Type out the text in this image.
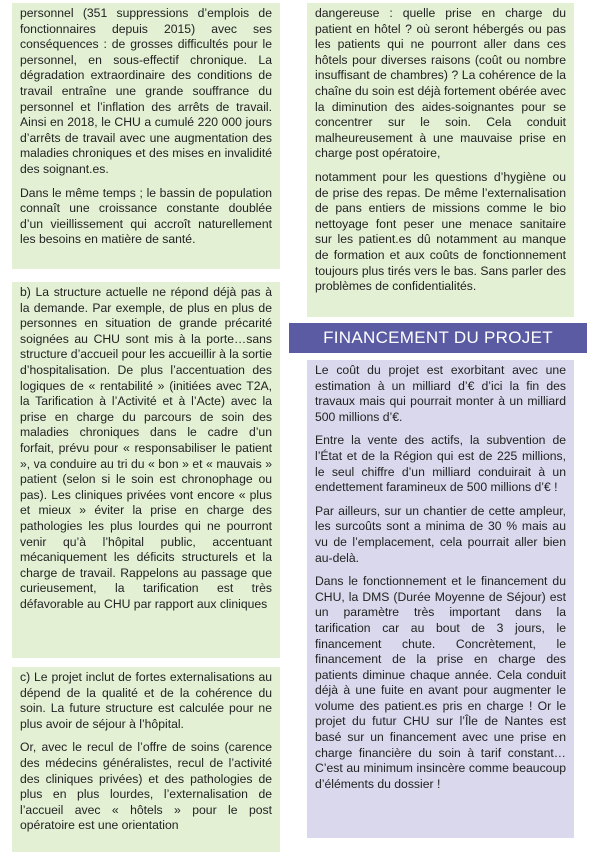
personnel (351 suppressions d’emplois de fonctionnaires depuis 2015) avec ses conséquences : de grosses difficultés pour le personnel, en sous-effectif chronique. La dégradation extraordinaire des conditions de travail entraîne une grande souffrance du personnel et l’inflation des arrêts de travail. Ainsi en 2018, le CHU a cumulé 220 000 jours d’arrêts de travail avec une augmentation des maladies chroniques et des mises en invalidité des soignant.es.

Dans le même temps ; le bassin de population connaît une croissance constante doublée d’un vieillissement qui accroît naturellement les besoins en matière de santé.

b) La structure actuelle ne répond déjà pas à la demande. Par exemple, de plus en plus de personnes en situation de grande précarité soignées au CHU sont mis à la porte…sans structure d’accueil pour les accueillir à la sortie d’hospitalisation. De plus l’accentuation des logiques de « rentabilité » (initiées avec T2A, la Tarification à l’Activité et à l’Acte) avec la prise en charge du parcours de soin des maladies chroniques dans le cadre d’un forfait, prévu pour « responsabiliser le patient », va conduire au tri du « bon » et « mauvais » patient (selon si le soin est chronophage ou pas). Les cliniques privées vont encore « plus et mieux » éviter la prise en charge des pathologies les plus lourdes qui ne pourront venir qu’à l’hôpital public, accentuant mécaniquement les déficits structurels et la charge de travail. Rappelons au passage que curieusement, la tarification est très défavorable au CHU par rapport aux cliniques

c) Le projet inclut de fortes externalisations au dépend de la qualité et de la cohérence du soin. La future structure est calculée pour ne plus avoir de séjour à l’hôpital.

Or, avec le recul de l’offre de soins (carence des médecins généralistes, recul de l’activité des cliniques privées) et des pathologies de plus en plus lourdes, l’externalisation de l’accueil avec « hôtels » pour le post opératoire est une orientation

dangereuse : quelle prise en charge du patient en hôtel ? où seront hébergés ou pas les patients qui ne pourront aller dans ces hôtels pour diverses raisons (coût ou nombre insuffisant de chambres) ? La cohérence de la chaîne du soin est déjà fortement obérée avec la diminution des aides-soignantes pour se concentrer sur le soin. Cela conduit malheureusement à une mauvaise prise en charge post opératoire,

notamment pour les questions d’hygiène ou de prise des repas. De même l’externalisation de pans entiers de missions comme le bio nettoyage font peser une menace sanitaire sur les patient.es dû notamment au manque de formation et aux coûts de fonctionnement toujours plus tirés vers le bas. Sans parler des problèmes de confidentialités.

FINANCEMENT DU PROJET

Le coût du projet est exorbitant avec une estimation à un milliard d’€ d’ici la fin des travaux mais qui pourrait monter à un milliard 500 millions d’€.

Entre la vente des actifs, la subvention de l’État et de la Région qui est de 225 millions, le seul chiffre d’un milliard conduirait à un endettement faramineux de 500 millions d’€ !

Par ailleurs, sur un chantier de cette ampleur, les surcoûts sont a minima de 30 % mais au vu de l’emplacement, cela pourrait aller bien au-delà.

Dans le fonctionnement et le financement du CHU, la DMS (Durée Moyenne de Séjour) est un paramètre très important dans la tarification car au bout de 3 jours, le financement chute. Concrètement, le financement de la prise en charge des patients diminue chaque année. Cela conduit déjà à une fuite en avant pour augmenter le volume des patient.es pris en charge ! Or le projet du futur CHU sur l’Île de Nantes est basé sur un financement avec une prise en charge financière du soin à tarif constant… C’est au minimum insincère comme beaucoup d’éléments du dossier !
